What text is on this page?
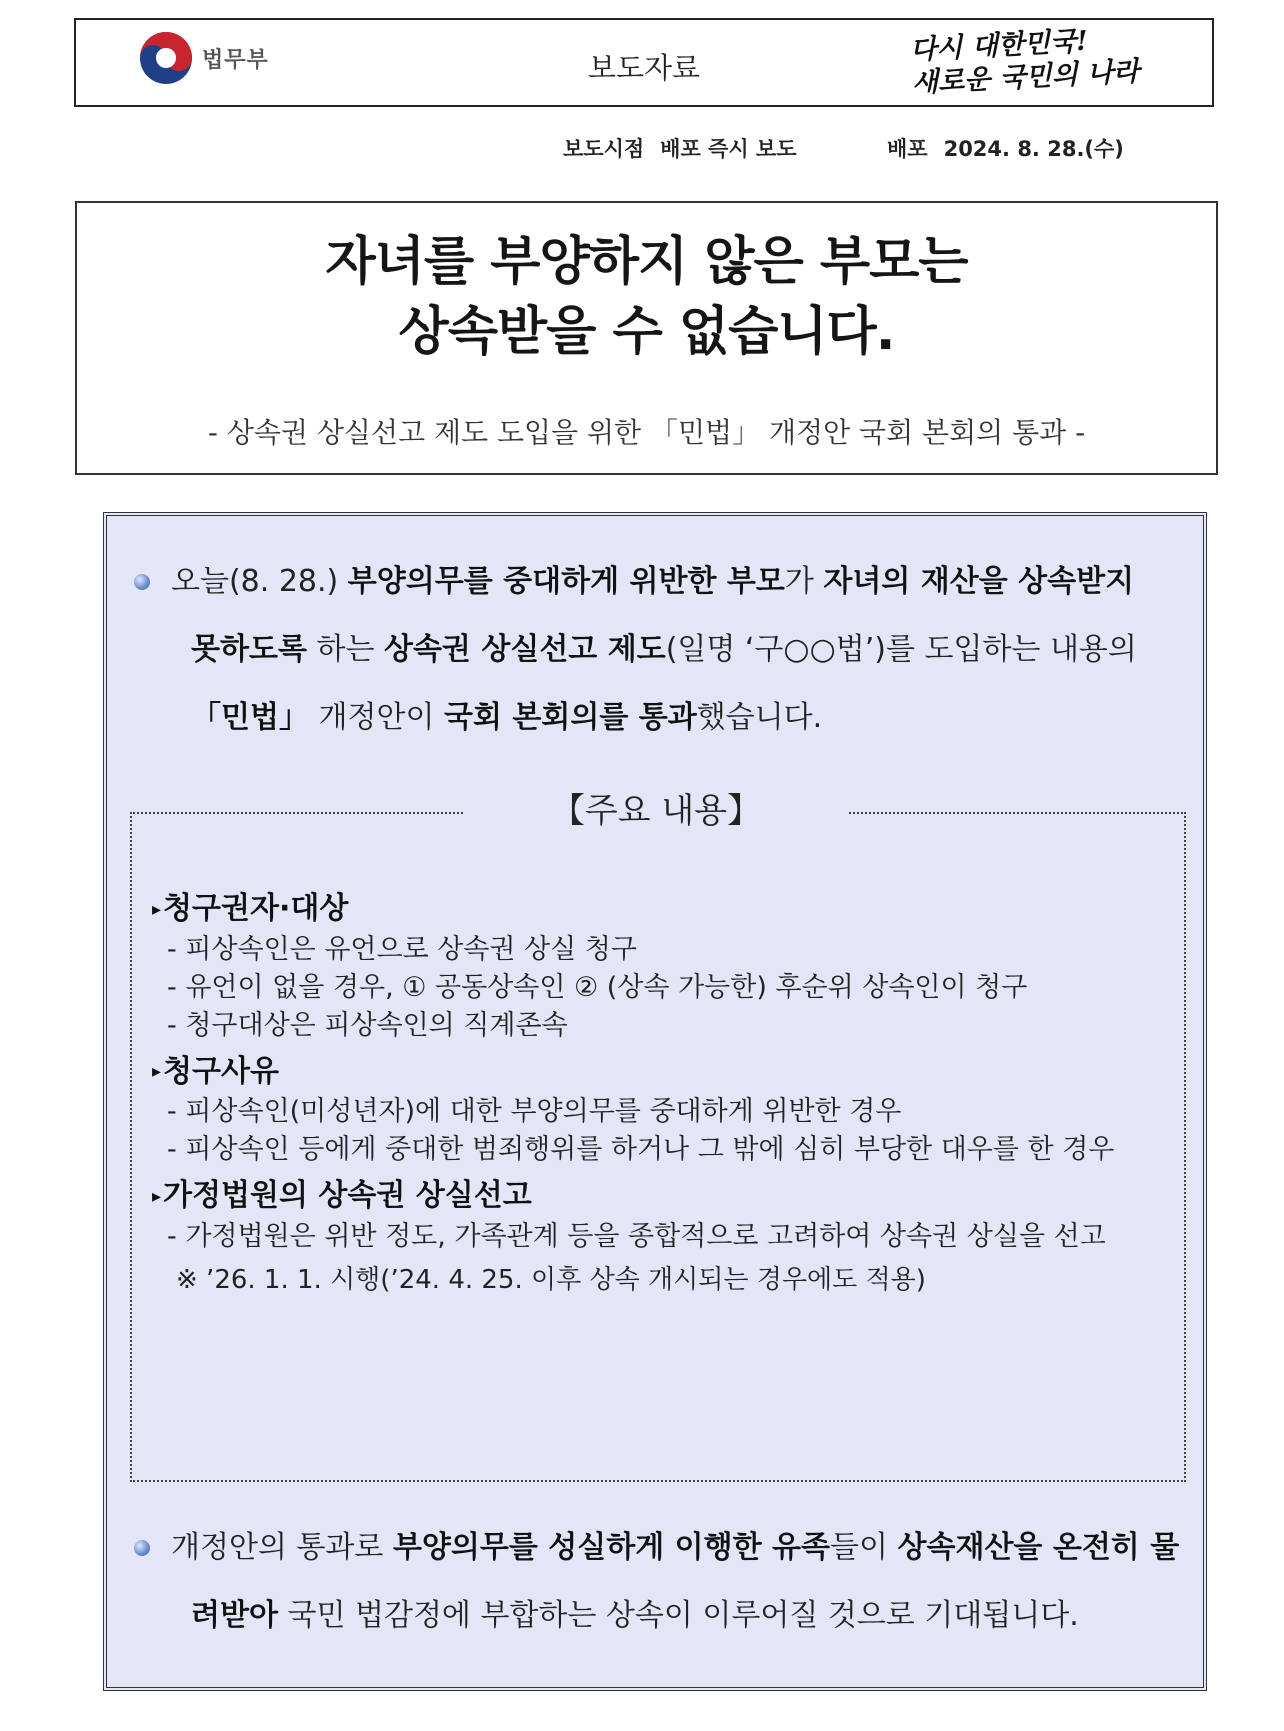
법무부	보도자료
다시 대한민국!
새로운 국민의 나라
보도시점 배포 즉시 보도	배포 2024. 8. 28.(수)
자녀를 부양하지 않은 부모는
상속받을 수 없습니다.
- 상속권 상실선고 제도 도입을 위한 「민법」 개정안 국회 본회의 통과 -
오늘(8. 28.) 부양의무를 중대하게 위반한 부모가 자녀의 재산을 상속받지
못하도록 하는 상속권 상실선고 제도(일명 ‘구○○법’)를 도입하는 내용의
「민법」 개정안이 국회 본회의를 통과했습니다.
【주요 내용】
▸청구권자·대상
- 피상속인은 유언으로 상속권 상실 청구
- 유언이 없을 경우, ① 공동상속인 ② (상속 가능한) 후순위 상속인이 청구
- 청구대상은 피상속인의 직계존속
▸청구사유
- 피상속인(미성년자)에 대한 부양의무를 중대하게 위반한 경우
- 피상속인 등에게 중대한 범죄행위를 하거나 그 밖에 심히 부당한 대우를 한 경우
▸가정법원의 상속권 상실선고
- 가정법원은 위반 정도, 가족관계 등을 종합적으로 고려하여 상속권 상실을 선고
※ ’26. 1. 1. 시행(’24. 4. 25. 이후 상속 개시되는 경우에도 적용)
개정안의 통과로 부양의무를 성실하게 이행한 유족들이 상속재산을 온전히 물
려받아 국민 법감정에 부합하는 상속이 이루어질 것으로 기대됩니다.
